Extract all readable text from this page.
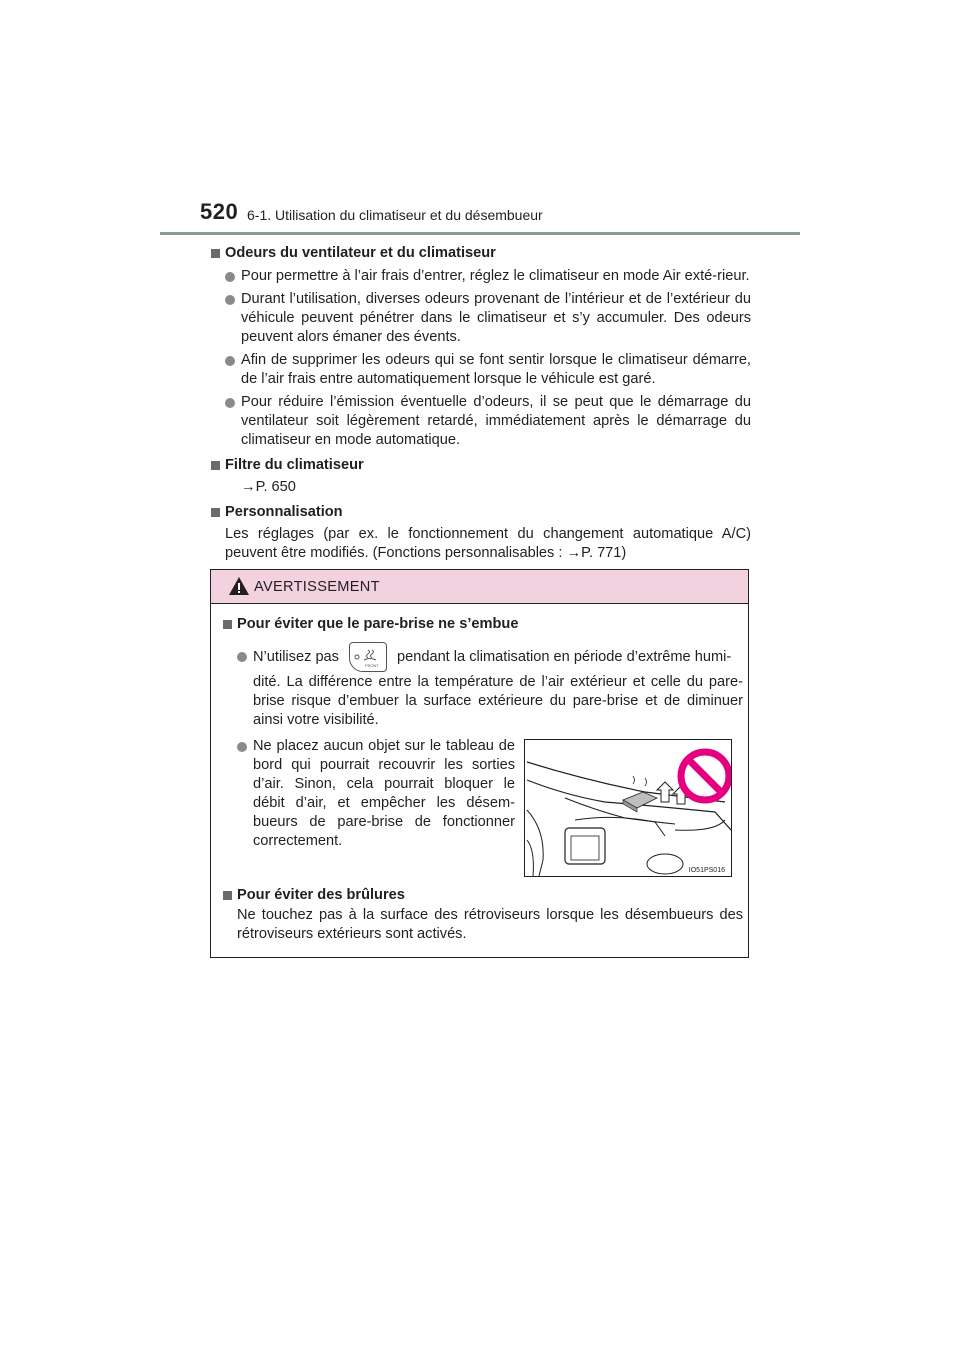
520 6-1. Utilisation du climatiseur et du désembueur
Odeurs du ventilateur et du climatiseur
Pour permettre à l’air frais d’entrer, réglez le climatiseur en mode Air exté-rieur.
Durant l’utilisation, diverses odeurs provenant de l’intérieur et de l’extérieur du véhicule peuvent pénétrer dans le climatiseur et s’y accumuler. Des odeurs peuvent alors émaner des évents.
Afin de supprimer les odeurs qui se font sentir lorsque le climatiseur démarre, de l’air frais entre automatiquement lorsque le véhicule est garé.
Pour réduire l’émission éventuelle d’odeurs, il se peut que le démarrage du ventilateur soit légèrement retardé, immédiatement après le démarrage du climatiseur en mode automatique.
Filtre du climatiseur
→P. 650
Personnalisation
Les réglages (par ex. le fonctionnement du changement automatique A/C) peuvent être modifiés. (Fonctions personnalisables : →P. 771)
AVERTISSEMENT
Pour éviter que le pare-brise ne s’embue
N’utilisez pas
FRONT
pendant la climatisation en période d’extrême humi-
dité. La différence entre la température de l’air extérieur et celle du pare-brise risque d’embuer la surface extérieure du pare-brise et de diminuer ainsi votre visibilité.
Ne placez aucun objet sur le tableau de bord qui pourrait recouvrir les sorties d’air. Sinon, cela pourrait bloquer le débit d’air, et empêcher les désem-bueurs de pare-brise de fonctionner correctement.
Pour éviter des brûlures
Ne touchez pas à la surface des rétroviseurs lorsque les désembueurs des rétroviseurs extérieurs sont activés.
IO51PS016
